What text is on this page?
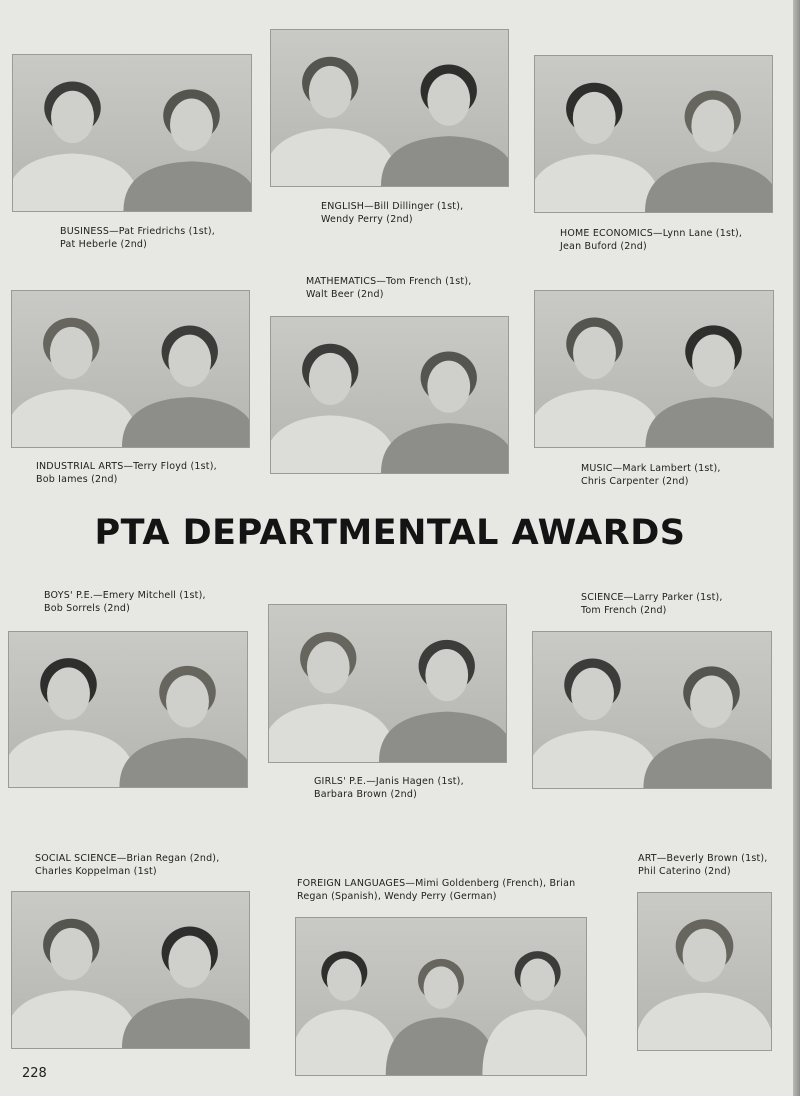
BUSINESS—Pat Friedrichs (1st),
Pat Heberle (2nd)
ENGLISH—Bill Dillinger (1st),
Wendy Perry (2nd)
HOME ECONOMICS—Lynn Lane (1st),
Jean Buford (2nd)
MATHEMATICS—Tom French (1st),
Walt Beer (2nd)
INDUSTRIAL ARTS—Terry Floyd (1st),
Bob Iames (2nd)
MUSIC—Mark Lambert (1st),
Chris Carpenter (2nd)
PTA DEPARTMENTAL AWARDS
BOYS' P.E.—Emery Mitchell (1st),
Bob Sorrels (2nd)
SCIENCE—Larry Parker (1st),
Tom French (2nd)
GIRLS' P.E.—Janis Hagen (1st),
Barbara Brown (2nd)
SOCIAL SCIENCE—Brian Regan (2nd),
Charles Koppelman (1st)
ART—Beverly Brown (1st),
Phil Caterino (2nd)
FOREIGN LANGUAGES—Mimi Goldenberg (French), Brian
Regan (Spanish), Wendy Perry (German)
228
